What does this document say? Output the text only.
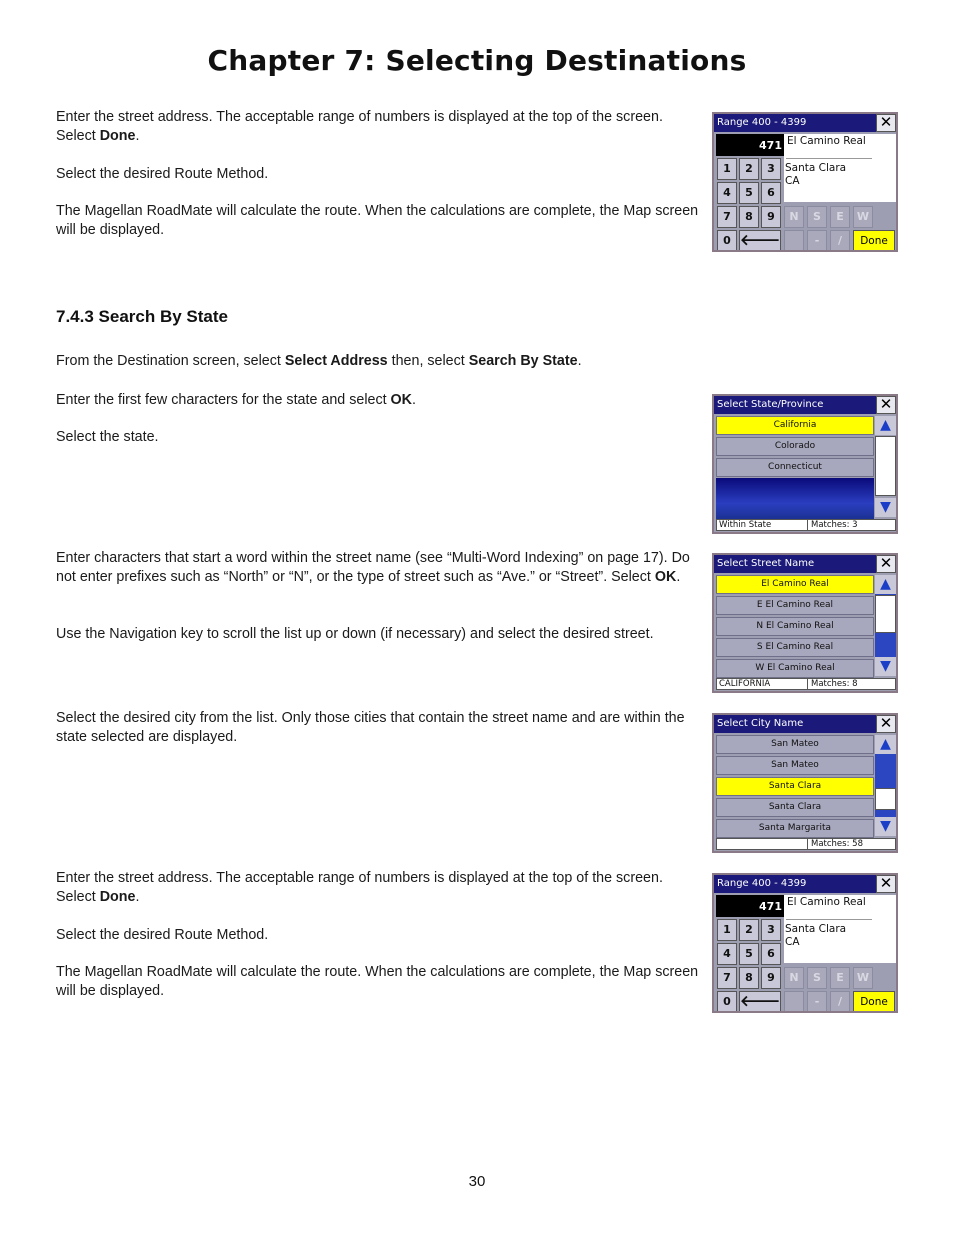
Chapter 7: Selecting Destinations

Enter the street address. The acceptable range of numbers is displayed at the top of the screen. Select Done.

Select the desired Route Method.

The Magellan RoadMate will calculate the route. When the calculations are complete, the Map screen will be displayed.

7.4.3 Search By State

From the Destination screen, select Select Address then, select Search By State.

Enter the first few characters for the state and select OK.

Select the state.

Enter characters that start a word within the street name (see “Multi-Word Indexing” on page 17). Do not enter prefixes such as “North” or “N”, or the type of street such as “Ave.” or “Street”. Select OK.

Use the Navigation key to scroll the list up or down (if necessary) and select the desired street.

Select the desired city from the list. Only those cities that contain the street name and are within the state selected are displayed.

Enter the street address. The acceptable range of numbers is displayed at the top of the screen. Select Done.

Select the desired Route Method.

The Magellan RoadMate will calculate the route. When the calculations are complete, the Map screen will be displayed.

30
Range 400 - 4399	✕
471 El Camino Real
Santa Clara
CA
1	2	3
4	5	6
7	8	9	N	S	E	W
0 🡐	-	/	Done
Select State/Province	✕
California
Colorado
Connecticut
▲
▼
Within State	Matches: 3
Select Street Name	✕
El Camino Real
E El Camino Real
N El Camino Real
S El Camino Real
W El Camino Real
▲
▼
CALIFORNIA	Matches: 8
Select City Name	✕
San Mateo
San Mateo
Santa Clara
Santa Clara
Santa Margarita
▲
▼
Matches: 58
Range 400 - 4399	✕
471 El Camino Real
Santa Clara
CA
1	2	3
4	5	6
7	8	9	N	S	E	W
0 🡐	-	/	Done
